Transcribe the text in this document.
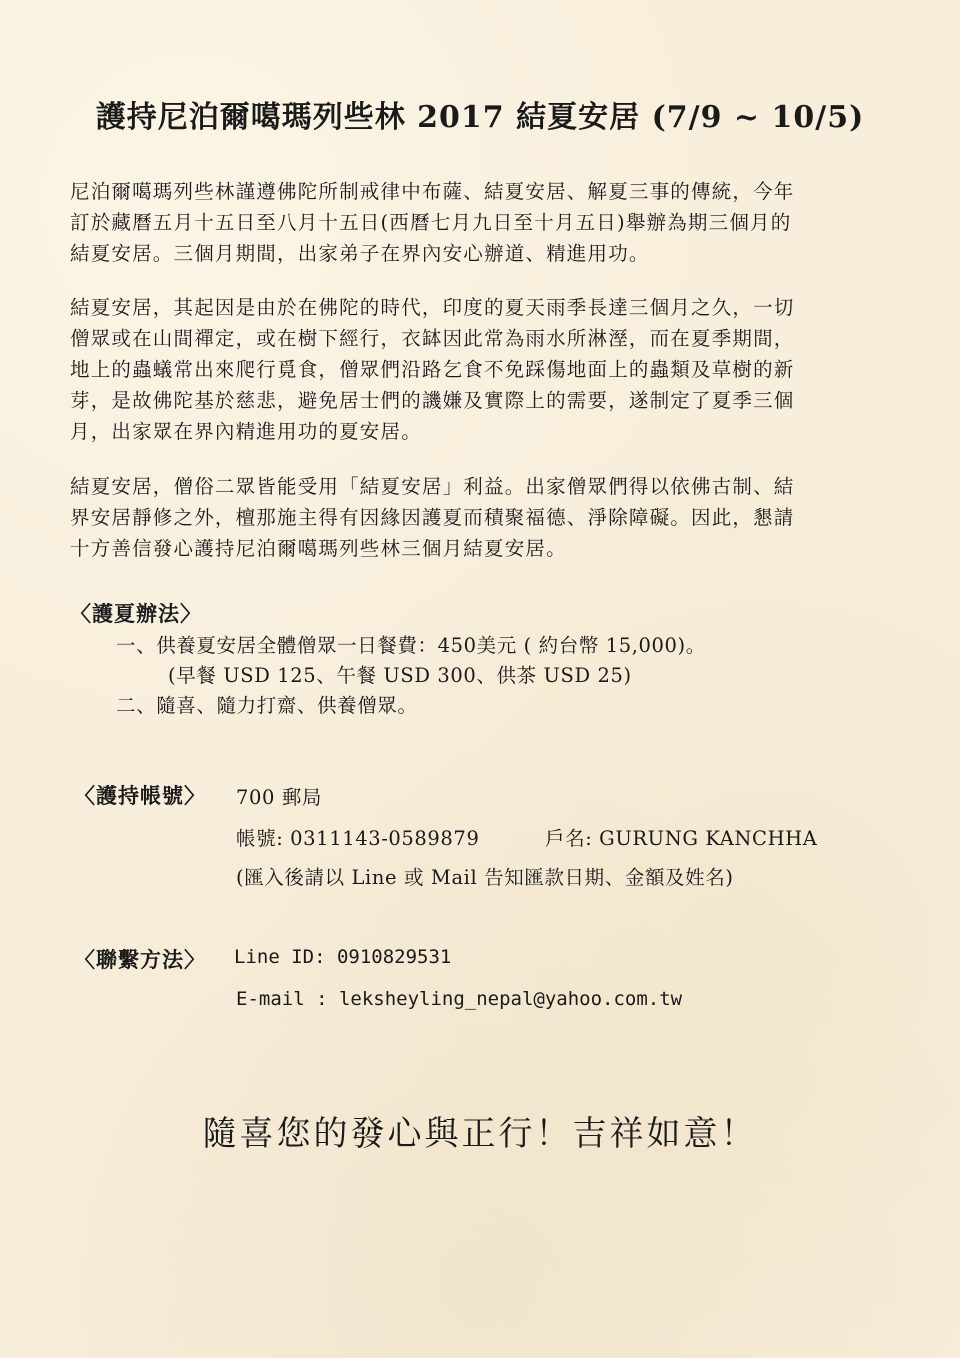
護持尼泊爾噶瑪列些林 2017 結夏安居 (7/9 ~ 10/5)
尼泊爾噶瑪列些林謹遵佛陀所制戒律中布薩、結夏安居、解夏三事的傳統，今年
訂於藏曆五月十五日至八月十五日(西曆七月九日至十月五日)舉辦為期三個月的
結夏安居。三個月期間，出家弟子在界內安心辦道、精進用功。
結夏安居，其起因是由於在佛陀的時代，印度的夏天雨季長達三個月之久，一切
僧眾或在山間禪定，或在樹下經行，衣缽因此常為雨水所淋溼，而在夏季期間，
地上的蟲蟻常出來爬行覓食，僧眾們沿路乞食不免踩傷地面上的蟲類及草樹的新
芽，是故佛陀基於慈悲，避免居士們的譏嫌及實際上的需要，遂制定了夏季三個
月，出家眾在界內精進用功的夏安居。
結夏安居，僧俗二眾皆能受用「結夏安居」利益。出家僧眾們得以依佛古制、結
界安居靜修之外，檀那施主得有因緣因護夏而積聚福德、淨除障礙。因此，懇請
十方善信發心護持尼泊爾噶瑪列些林三個月結夏安居。
〈護夏辦法〉
一、供養夏安居全體僧眾一日餐費：450美元 ( 約台幣 15,000)。
(早餐 USD 125、午餐 USD 300、供茶 USD 25)
二、隨喜、隨力打齋、供養僧眾。
〈護持帳號〉 700 郵局
帳號: 0311143-0589879	戶名: GURUNG KANCHHA
(匯入後請以 Line 或 Mail 告知匯款日期、金額及姓名)
〈聯繫方法〉 Line ID: 0910829531
E-mail : leksheyling_nepal@yahoo.com.tw
隨喜您的發心與正行！吉祥如意！
